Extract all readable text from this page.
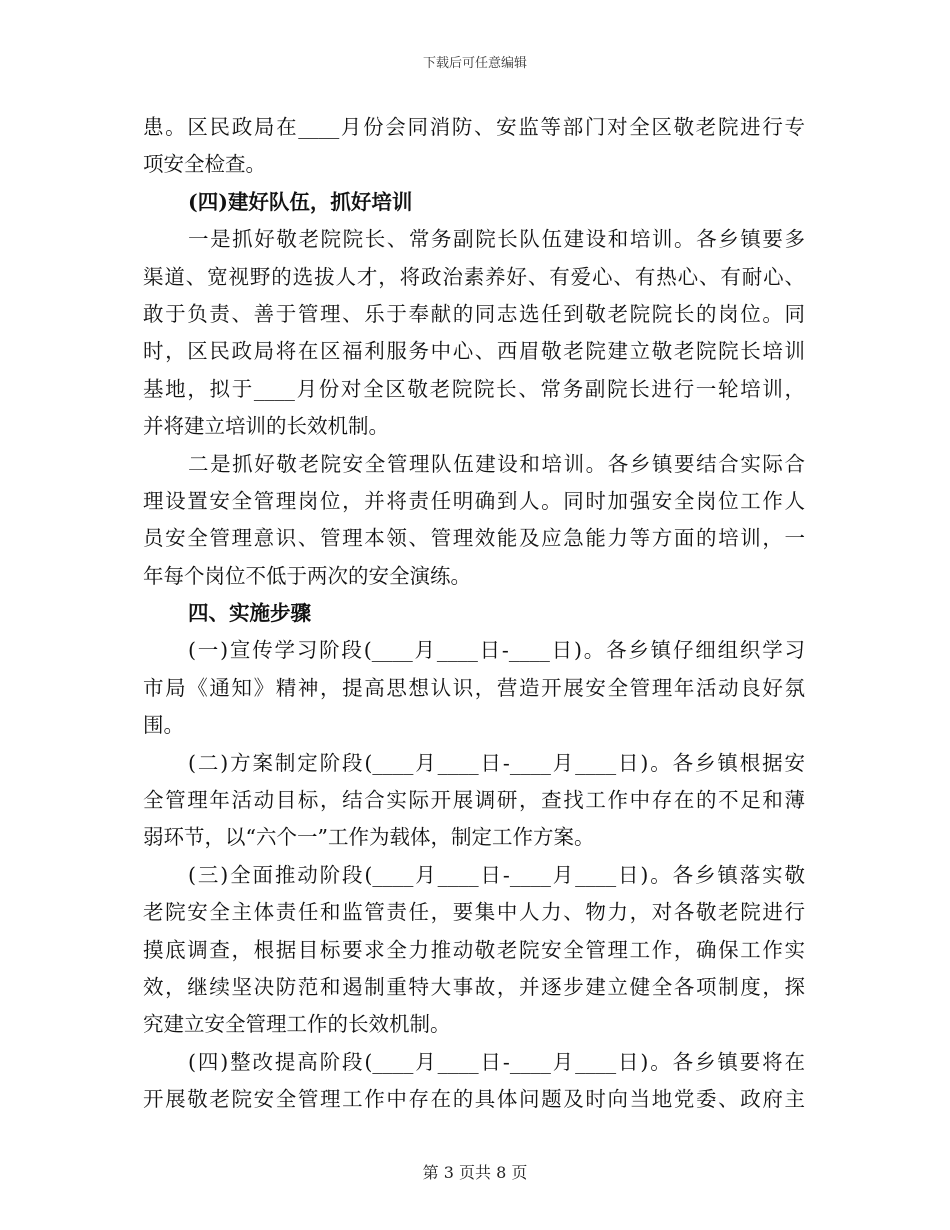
下载后可任意编辑
患。区民政局在____月份会同消防、安监等部门对全区敬老院进行专
项安全检查。
(四)建好队伍，抓好培训
一是抓好敬老院院长、常务副院长队伍建设和培训。各乡镇要多
渠道、宽视野的选拔人才，将政治素养好、有爱心、有热心、有耐心、
敢于负责、善于管理、乐于奉献的同志选任到敬老院院长的岗位。同
时，区民政局将在区福利服务中心、西眉敬老院建立敬老院院长培训
基地，拟于____月份对全区敬老院院长、常务副院长进行一轮培训，
并将建立培训的长效机制。
二是抓好敬老院安全管理队伍建设和培训。各乡镇要结合实际合
理设置安全管理岗位，并将责任明确到人。同时加强安全岗位工作人
员安全管理意识、管理本领、管理效能及应急能力等方面的培训，一
年每个岗位不低于两次的安全演练。
四、实施步骤
(一)宣传学习阶段(____月____日-____日)。各乡镇仔细组织学习
市局《通知》精神，提高思想认识，营造开展安全管理年活动良好氛
围。
(二)方案制定阶段(____月____日-____月____日)。各乡镇根据安
全管理年活动目标，结合实际开展调研，查找工作中存在的不足和薄
弱环节，以“六个一”工作为载体，制定工作方案。
(三)全面推动阶段(____月____日-____月____日)。各乡镇落实敬
老院安全主体责任和监管责任，要集中人力、物力，对各敬老院进行
摸底调查，根据目标要求全力推动敬老院安全管理工作，确保工作实
效，继续坚决防范和遏制重特大事故，并逐步建立健全各项制度，探
究建立安全管理工作的长效机制。
(四)整改提高阶段(____月____日-____月____日)。各乡镇要将在
开展敬老院安全管理工作中存在的具体问题及时向当地党委、政府主
第 3 页共 8 页
